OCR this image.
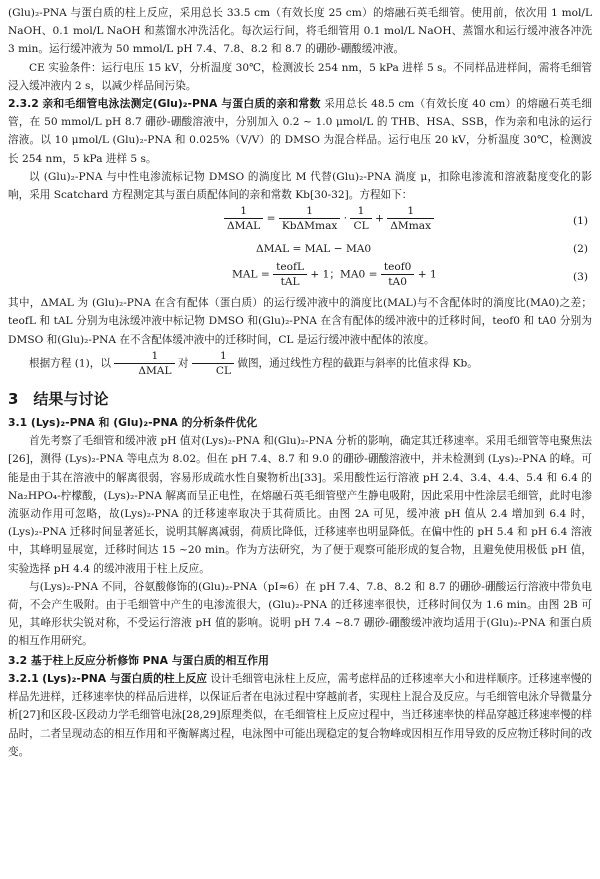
(Glu)₂-PNA 与蛋白质的柱上反应，采用总长 33.5 cm（有效长度 25 cm）的熔融石英毛细管。使用前，依次用 1 mol/L NaOH、0.1 mol/L NaOH 和蒸馏水冲洗活化。每次运行间，将毛细管用 0.1 mol/L NaOH、蒸馏水和运行缓冲液各冲洗 3 min。运行缓冲液为 50 mmol/L pH 7.4、7.8、8.2 和 8.7 的硼砂-硼酸缓冲液。

CE 实验条件：运行电压 15 kV，分析温度 30℃，检测波长 254 nm，5 kPa 进样 5 s。不同样品进样间，需将毛细管浸入缓冲液内 2 s，以减少样品间污染。

2.3.2 亲和毛细管电泳法测定(Glu)₂-PNA 与蛋白质的亲和常数 采用总长 48.5 cm（有效长度 40 cm）的熔融石英毛细管，在 50 mmol/L pH 8.7 硼砂-硼酸溶液中，分别加入 0.2 ~ 1.0 μmol/L 的 THB、HSA、SSB，作为亲和电泳的运行溶液。以 10 μmol/L (Glu)₂-PNA 和 0.025%（V/V）的 DMSO 为混合样品。运行电压 20 kV，分析温度 30℃，检测波长 254 nm，5 kPa 进样 5 s。

以 (Glu)₂-PNA 与中性电渗流标记物 DMSO 的淌度比 M 代替(Glu)₂-PNA 淌度 μ，扣除电渗流和溶液黏度变化的影响，采用 Scatchard 方程测定其与蛋白质配体间的亲和常数 Kb[30-32]。方程如下：

$\frac{1}{\text{ΔMAL}} = \frac{1}{\text{KbΔMmax}} \cdot \frac{1}{CL} + \frac{1}{\Delta Mmax}$	(1)
ΔMAL = MAL − MA0	(2)
MAL = $\frac{\text{teofL}}{\text{tAL}} + 1$；$MA0 = \frac{\text{teof0}}{tA0} + 1$	(3)

其中，ΔMAL 为 (Glu)₂-PNA 在含有配体（蛋白质）的运行缓冲液中的淌度比(MAL)与不含配体时的淌度比(MA0)之差；teofL 和 tAL 分别为电泳缓冲液中标记物 DMSO 和(Glu)₂-PNA 在含有配体的缓冲液中的迁移时间，teof0 和 tA0 分别为 DMSO 和(Glu)₂-PNA 在不含配体缓冲液中的迁移时间，CL 是运行缓冲液中配体的浓度。

根据方程 (1)，以 $\frac{1}{\text{ΔMAL}}$ 对 $\frac{1}{CL}$ 做图，通过线性方程的截距与斜率的比值求得 Kb。

3　结果与讨论
3.1 (Lys)₂-PNA 和 (Glu)₂-PNA 的分析条件优化

首先考察了毛细管和缓冲液 pH 值对(Lys)₂-PNA 和(Glu)₂-PNA 分析的影响，确定其迁移速率。采用毛细管等电聚焦法[26]，测得 (Lys)₂-PNA 等电点为 8.02。但在 pH 7.4、8.7 和 9.0 的硼砂-硼酸溶液中，并未检测到 (Lys)₂-PNA 的峰。可能是由于其在溶液中的解离很弱，容易形成疏水性自聚物析出[33]。采用酸性运行溶液 pH 2.4、3.4、4.4、5.4 和 6.4 的 Na₂HPO₄-柠檬酸，(Lys)₂-PNA 解离而呈正电性，在熔融石英毛细管壁产生静电吸附，因此采用中性涂层毛细管，此时电渗流驱动作用可忽略，故(Lys)₂-PNA 的迁移速率取决于其荷质比。由图 2A 可见，缓冲液 pH 值从 2.4 增加到 6.4 时，(Lys)₂-PNA 迁移时间显著延长，说明其解离减弱，荷质比降低，迁移速率也明显降低。在偏中性的 pH 5.4 和 pH 6.4 溶液中，其峰明显展宽，迁移时间达 15 ~20 min。作为方法研究，为了便于观察可能形成的复合物，且避免使用极低 pH 值，实验选择 pH 4.4 的缓冲液用于柱上反应。

与(Lys)₂-PNA 不同，谷氨酸修饰的(Glu)₂-PNA（pI≈6）在 pH 7.4、7.8、8.2 和 8.7 的硼砂-硼酸运行溶液中带负电荷，不会产生吸附。由于毛细管中产生的电渗流很大，(Glu)₂-PNA 的迁移速率很快，迁移时间仅为 1.6 min。由图 2B 可见，其峰形状尖锐对称，不受运行溶液 pH 值的影响。说明 pH 7.4 ~8.7 硼砂-硼酸缓冲液均适用于(Glu)₂-PNA 和蛋白质的相互作用研究。

3.2 基于柱上反应分析修饰 PNA 与蛋白质的相互作用

3.2.1 (Lys)₂-PNA 与蛋白质的柱上反应 设计毛细管电泳柱上反应，需考虑样品的迁移速率大小和进样顺序。迁移速率慢的样品先进样，迁移速率快的样品后进样，以保证后者在电泳过程中穿越前者，实现柱上混合及反应。与毛细管电泳介导微量分析[27]和区段-区段动力学毛细管电泳[28,29]原理类似，在毛细管柱上反应过程中，当迁移速率快的样品穿越迁移速率慢的样品时，二者呈现动态的相互作用和平衡解离过程，电泳图中可能出现稳定的复合物峰或因相互作用导致的反应物迁移时间的改变。
